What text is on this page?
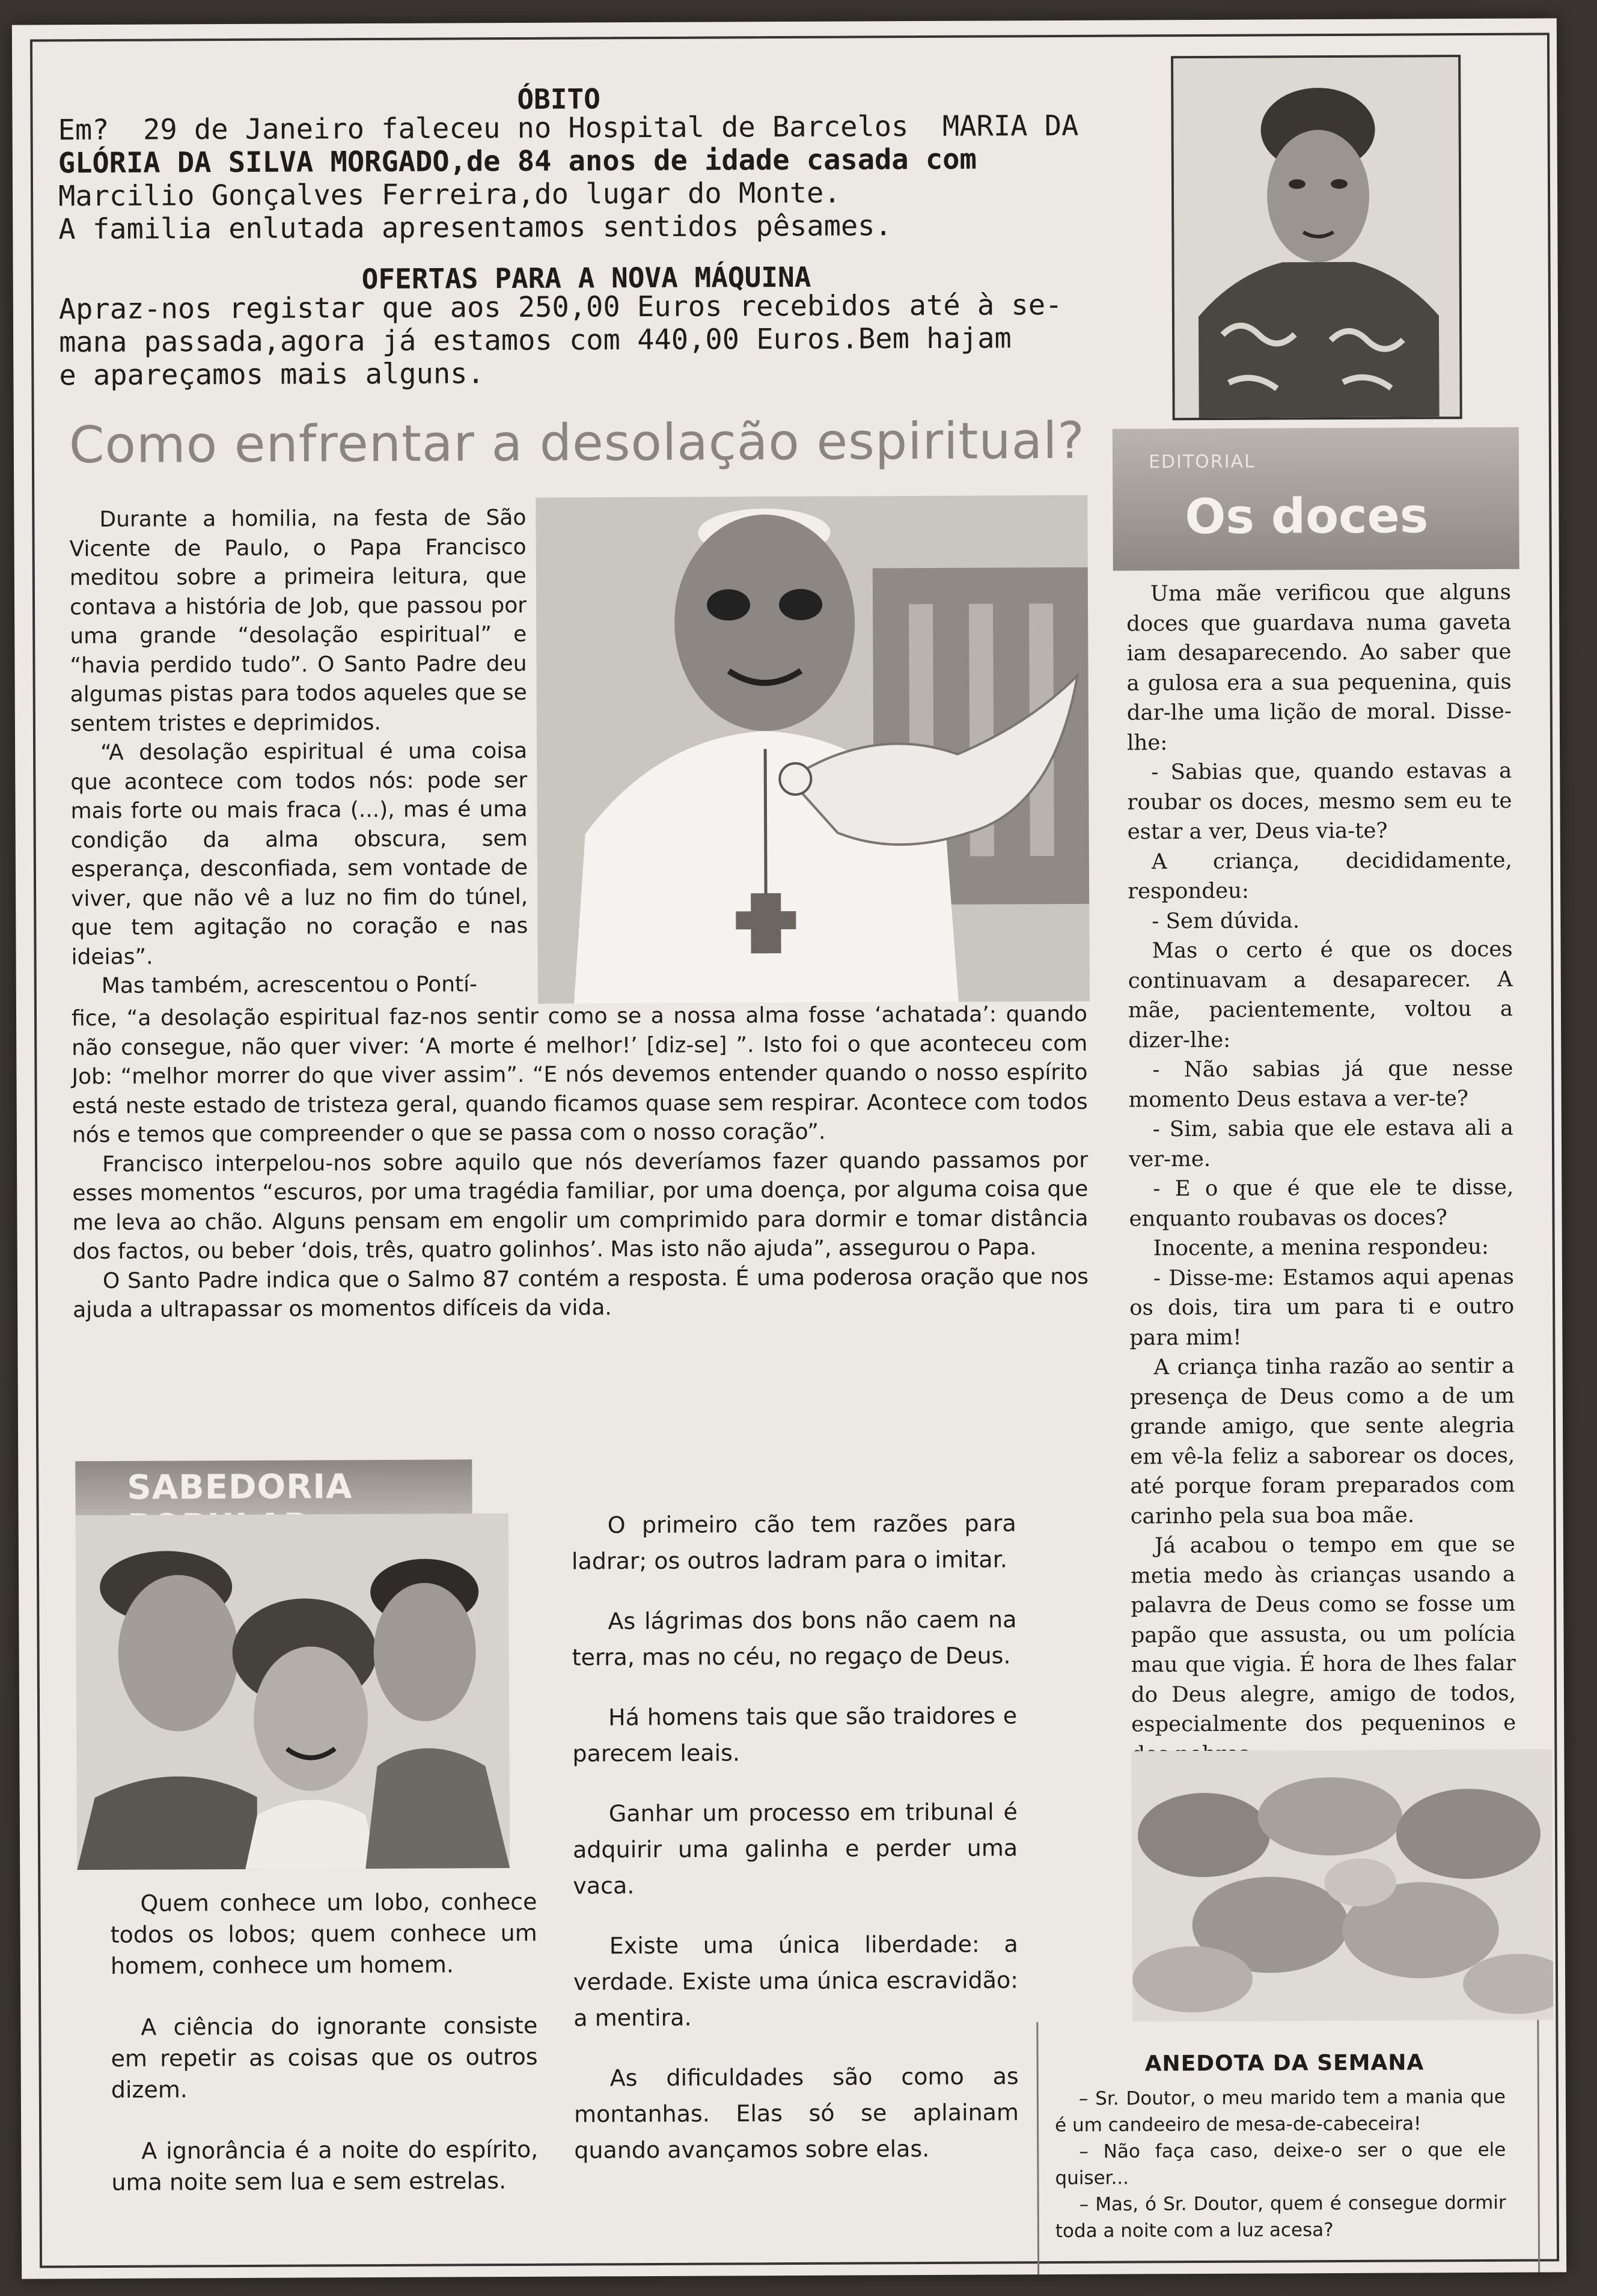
ÓBITO
Em?  29 de Janeiro faleceu no Hospital de Barcelos  MARIA DA
GLÓRIA DA SILVA MORGADO,de 84 anos de idade casada com
Marcilio Gonçalves Ferreira,do lugar do Monte.
A familia enlutada apresentamos sentidos pêsames.
OFERTAS PARA A NOVA MÁQUINA
Apraz-nos registar que aos 250,00 Euros recebidos até à se-
mana passada,agora já estamos com 440,00 Euros.Bem hajam
e apareçamos mais alguns.
Como enfrentar a desolação espiritual?

Durante a homilia, na festa de São Vicente de Paulo, o Papa Francisco meditou sobre a primeira leitura, que contava a história de Job, que passou por uma grande “desolação espiritual” e “havia perdido tudo”. O Santo Padre deu algumas pistas para todos aqueles que se sentem tristes e deprimidos.

“A desolação espiritual é uma coisa que acontece com todos nós: pode ser mais forte ou mais fraca (...), mas é uma condição da alma obscura, sem esperança, desconfiada, sem vontade de viver, que não vê a luz no fim do túnel, que tem agitação no coração e nas ideias”.

Mas também, acrescentou o Pontí-

fice, “a desolação espiritual faz-nos sentir como se a nossa alma fosse ‘achatada’: quando não consegue, não quer viver: ‘A morte é melhor!’ [diz-se] ”. Isto foi o que aconteceu com Job: “melhor morrer do que viver assim”. “E nós devemos entender quando o nosso espírito está neste estado de tristeza geral, quando ficamos quase sem respirar. Acontece com todos nós e temos que compreender o que se passa com o nosso coração”.

Francisco interpelou-nos sobre aquilo que nós deveríamos fazer quando passamos por esses momentos “escuros, por uma tragédia familiar, por uma doença, por alguma coisa que me leva ao chão. Alguns pensam em engolir um comprimido para dormir e tomar distância dos factos, ou beber ‘dois, três, quatro golinhos’. Mas isto não ajuda”, assegurou o Papa.

O Santo Padre indica que o Salmo 87 contém a resposta. É uma poderosa oração que nos ajuda a ultrapassar os momentos difíceis da vida.

EDITORIAL
Os doces

Uma mãe verificou que alguns doces que guardava numa gaveta iam desaparecendo. Ao saber que a gulosa era a sua pequenina, quis dar-lhe uma lição de moral. Disse-lhe:

- Sabias que, quando estavas a roubar os doces, mesmo sem eu te estar a ver, Deus via-te?

A criança, decididamente, respondeu:

- Sem dúvida.

Mas o certo é que os doces continuavam a desaparecer. A mãe, pacientemente, voltou a dizer-lhe:

- Não sabias já que nesse momento Deus estava a ver-te?

- Sim, sabia que ele estava ali a ver-me.

- E o que é que ele te disse, enquanto roubavas os doces?

Inocente, a menina respondeu:

- Disse-me: Estamos aqui apenas os dois, tira um para ti e outro para mim!

A criança tinha razão ao sentir a presença de Deus como a de um grande amigo, que sente alegria em vê-la feliz a saborear os doces, até porque foram preparados com carinho pela sua boa mãe.

Já acabou o tempo em que se metia medo às crianças usando a palavra de Deus como se fosse um papão que assusta, ou um polícia mau que vigia. É hora de lhes falar do Deus alegre, amigo de todos, especialmente dos pequeninos e

SABEDORIA

Quem conhece um lobo, conhece todos os lobos; quem conhece um homem, conhece um homem.

A ciência do ignorante consiste em repetir as coisas que os outros dizem.

A ignorância é a noite do espírito, uma noite sem lua e sem estrelas.

O primeiro cão tem razões para ladrar; os outros ladram para o imitar.

As lágrimas dos bons não caem na terra, mas no céu, no regaço de Deus.

Há homens tais que são traidores e parecem leais.

Ganhar um processo em tribunal é adquirir uma galinha e perder uma vaca.

Existe uma única liberdade: a verdade. Existe uma única escravidão: a mentira.

As dificuldades são como as montanhas. Elas só se aplainam quando avançamos sobre elas.

ANEDOTA DA SEMANA

– Sr. Doutor, o meu marido tem a mania que é um candeeiro de mesa-de-cabeceira!

– Não faça caso, deixe-o ser o que ele quiser...

– Mas, ó Sr. Doutor, quem é consegue dormir toda a noite com a luz acesa?
